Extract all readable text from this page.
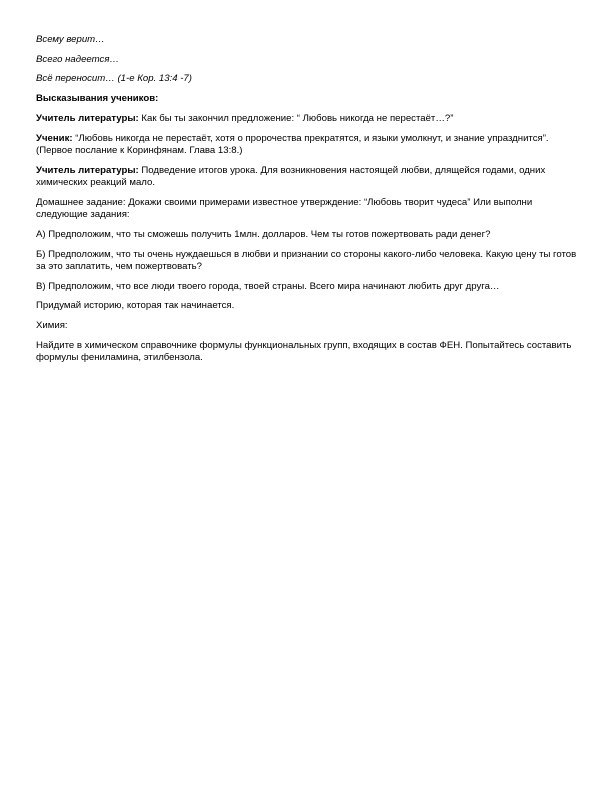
Всему верит…

Всего надеется…

Всё переносит… (1-е Кор. 13:4 -7)

Высказывания учеников:

Учитель литературы: Как бы ты закончил предложение: “ Любовь никогда не перестаёт…?”

Ученик: “Любовь никогда не перестаёт, хотя о пророчества прекратятся, и языки умолкнут, и знание упразднится”. (Первое послание к Коринфянам. Глава 13:8.)

Учитель литературы: Подведение итогов урока. Для возникновения настоящей любви, длящейся годами, одних химических реакций мало.

Домашнее задание: Докажи своими примерами известное утверждение: “Любовь творит чудеса” Или выполни следующие задания:

А) Предположим, что ты сможешь получить 1млн. долларов. Чем ты готов пожертвовать ради денег?

Б) Предположим, что ты очень нуждаешься в любви и признании со стороны какого-либо человека. Какую цену ты готов за это заплатить, чем пожертвовать?

В) Предположим, что все люди твоего города, твоей страны. Всего мира начинают любить друг друга…

Придумай историю, которая так начинается.

Химия:

Найдите в химическом справочнике формулы функциональных групп, входящих в состав ФЕН. Попытайтесь составить формулы фениламина, этилбензола.
